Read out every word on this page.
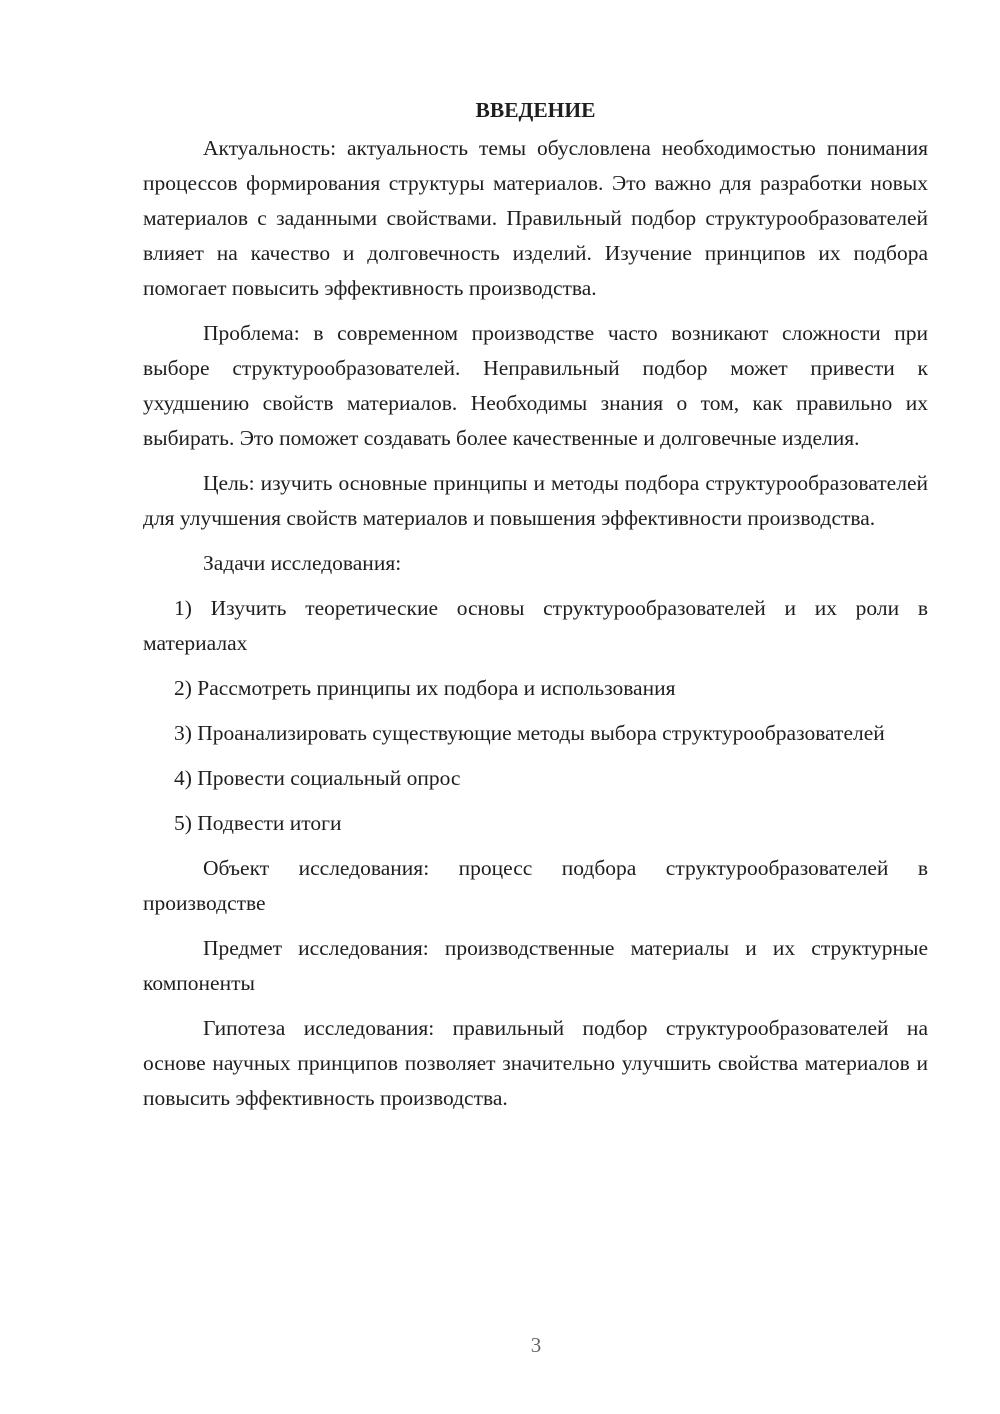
ВВЕДЕНИЕ

Актуальность: актуальность темы обусловлена необходимостью понимания процессов формирования структуры материалов. Это важно для разработки новых материалов с заданными свойствами. Правильный подбор структурообразователей влияет на качество и долговечность изделий. Изучение принципов их подбора помогает повысить эффективность производства.

Проблема: в современном производстве часто возникают сложности при выборе структурообразователей. Неправильный подбор может привести к ухудшению свойств материалов. Необходимы знания о том, как правильно их выбирать. Это поможет создавать более качественные и долговечные изделия.

Цель: изучить основные принципы и методы подбора структурообразователей для улучшения свойств материалов и повышения эффективности производства.

Задачи исследования:

1) Изучить теоретические основы структурообразователей и их роли в материалах

2) Рассмотреть принципы их подбора и использования

3) Проанализировать существующие методы выбора структурообразователей

4) Провести социальный опрос

5) Подвести итоги

Объект исследования: процесс подбора структурообразователей в производстве

Предмет исследования: производственные материалы и их структурные компоненты

Гипотеза исследования: правильный подбор структурообразователей на основе научных принципов позволяет значительно улучшить свойства материалов и повысить эффективность производства.

3
